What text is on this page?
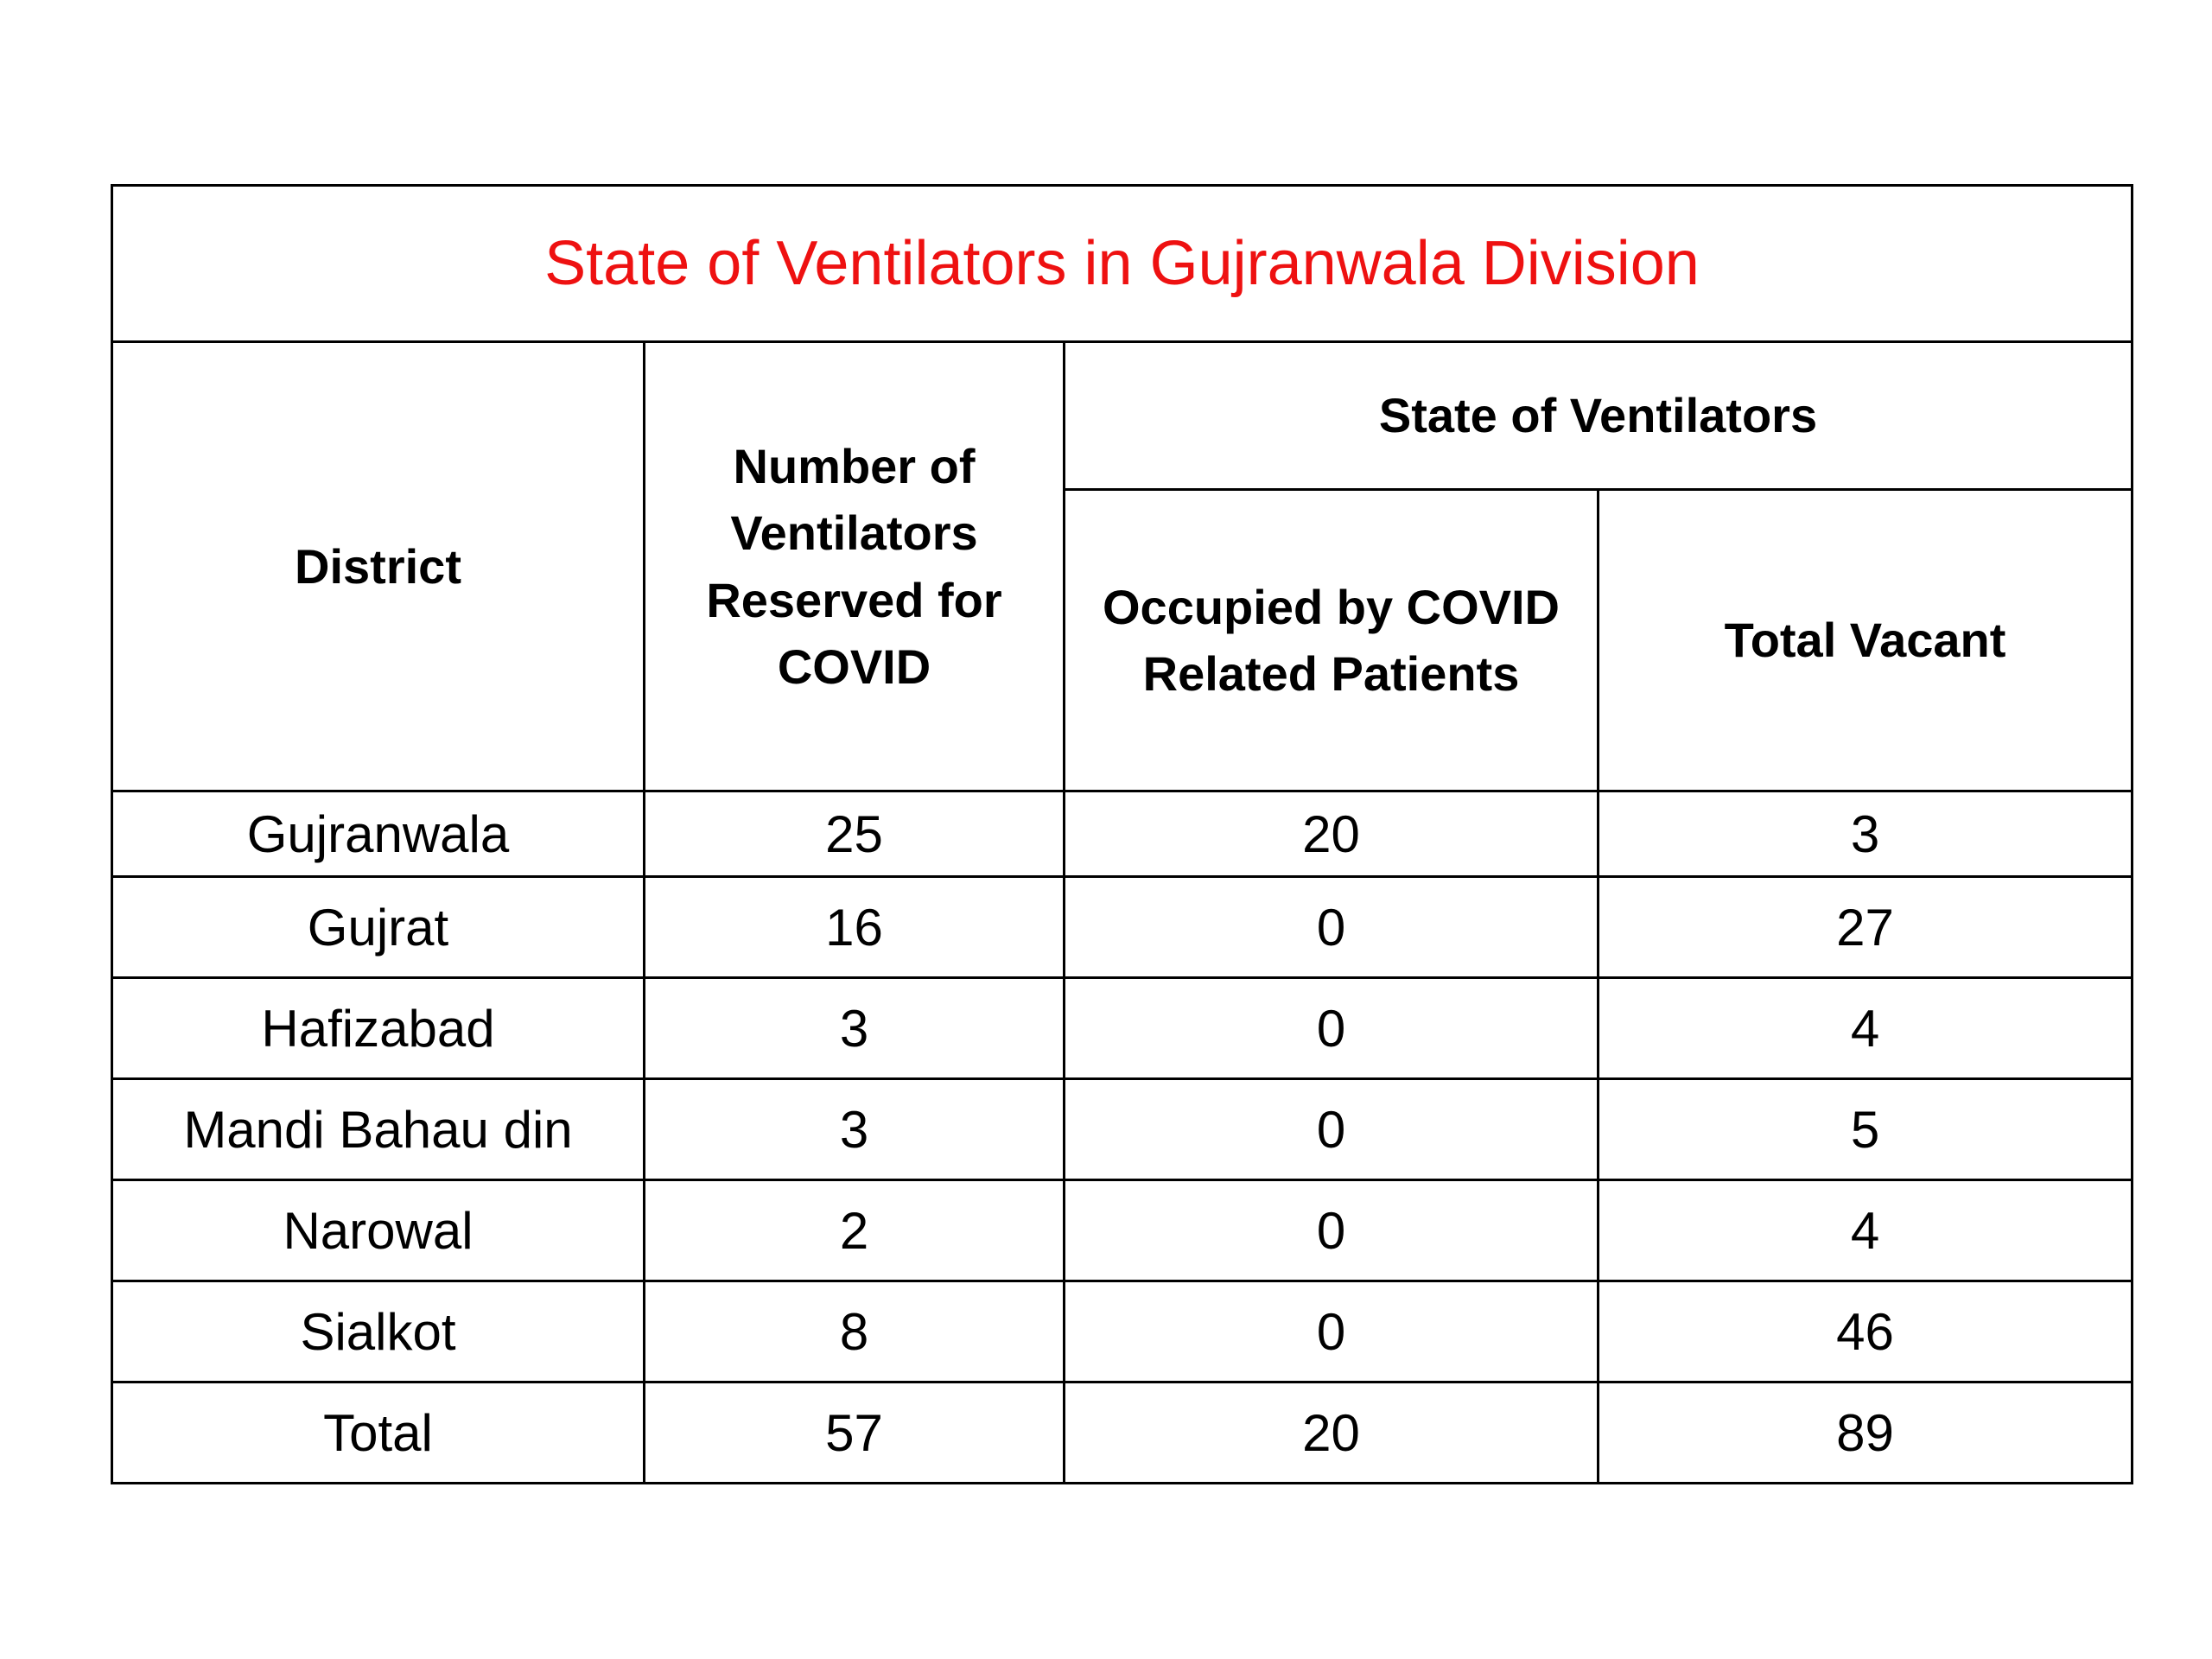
State of Ventilators in Gujranwala Division			
District	Number of Ventilators Reserved for COVID	State of Ventilators	
		Occupied by COVID Related Patients	Total Vacant
Gujranwala	25	20	3
Gujrat	16	0	27
Hafizabad	3	0	4
Mandi Bahau din	3	0	5
Narowal	2	0	4
Sialkot	8	0	46
Total	57	20	89
